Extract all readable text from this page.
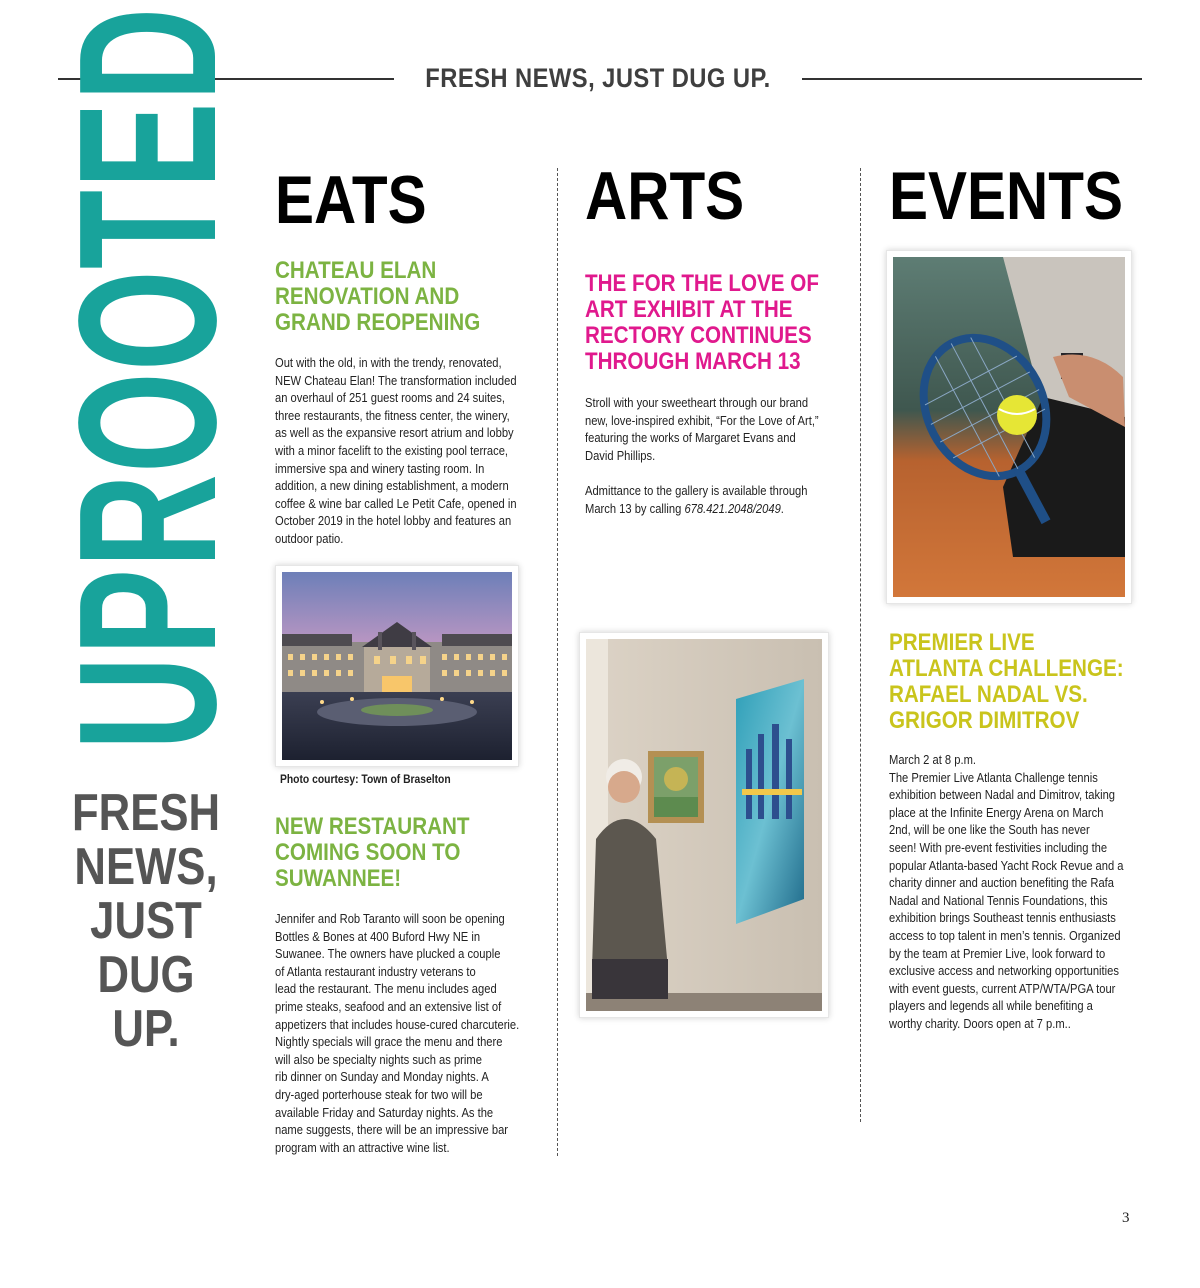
FRESH NEWS, JUST DUG UP.
UPROOTED
FRESH
NEWS,
JUST
DUG UP.
EATS

CHATEAU ELAN

RENOVATION AND

GRAND REOPENING

Out with the old, in with the trendy, renovated,

NEW Chateau Elan! The transformation included

an overhaul of 251 guest rooms and 24 suites,

three restaurants, the fitness center, the winery,

as well as the expansive resort atrium and lobby

with a minor facelift to the existing pool terrace,

immersive spa and winery tasting room. In

addition, a new dining establishment, a modern

coffee & wine bar called Le Petit Cafe, opened in

October 2019 in the hotel lobby and features an

outdoor patio.

Photo courtesy: Town of Braselton

NEW RESTAURANT

COMING SOON TO

SUWANNEE!

Jennifer and Rob Taranto will soon be opening

Bottles & Bones at 400 Buford Hwy NE in

Suwanee. The owners have plucked a couple

of Atlanta restaurant industry veterans to

lead the restaurant. The menu includes aged

prime steaks, seafood and an extensive list of

appetizers that includes house-cured charcuterie.

Nightly specials will grace the menu and there

will also be specialty nights such as prime

rib dinner on Sunday and Monday nights. A

dry-aged porterhouse steak for two will be

available Friday and Saturday nights. As the

name suggests, there will be an impressive bar

program with an attractive wine list.

ARTS

THE FOR THE LOVE OF

ART EXHIBIT AT THE

RECTORY CONTINUES

THROUGH MARCH 13

Stroll with your sweetheart through our brand

new, love-inspired exhibit, “For the Love of Art,”

featuring the works of Margaret Evans and

David Phillips.

Admittance to the gallery is available through

March 13 by calling 678.421.2048/2049.

EVENTS

PREMIER LIVE

ATLANTA CHALLENGE:

RAFAEL NADAL VS.

GRIGOR DIMITROV

March 2 at 8 p.m.

The Premier Live Atlanta Challenge tennis

exhibition between Nadal and Dimitrov, taking

place at the Infinite Energy Arena on March

2nd, will be one like the South has never

seen! With pre-event festivities including the

popular Atlanta-based Yacht Rock Revue and a

charity dinner and auction benefiting the Rafa

Nadal and National Tennis Foundations, this

exhibition brings Southeast tennis enthusiasts

access to top talent in men’s tennis. Organized

by the team at Premier Live, look forward to

exclusive access and networking opportunities

with event guests, current ATP/WTA/PGA tour

players and legends all while benefiting a

worthy charity. Doors open at 7 p.m..

3
